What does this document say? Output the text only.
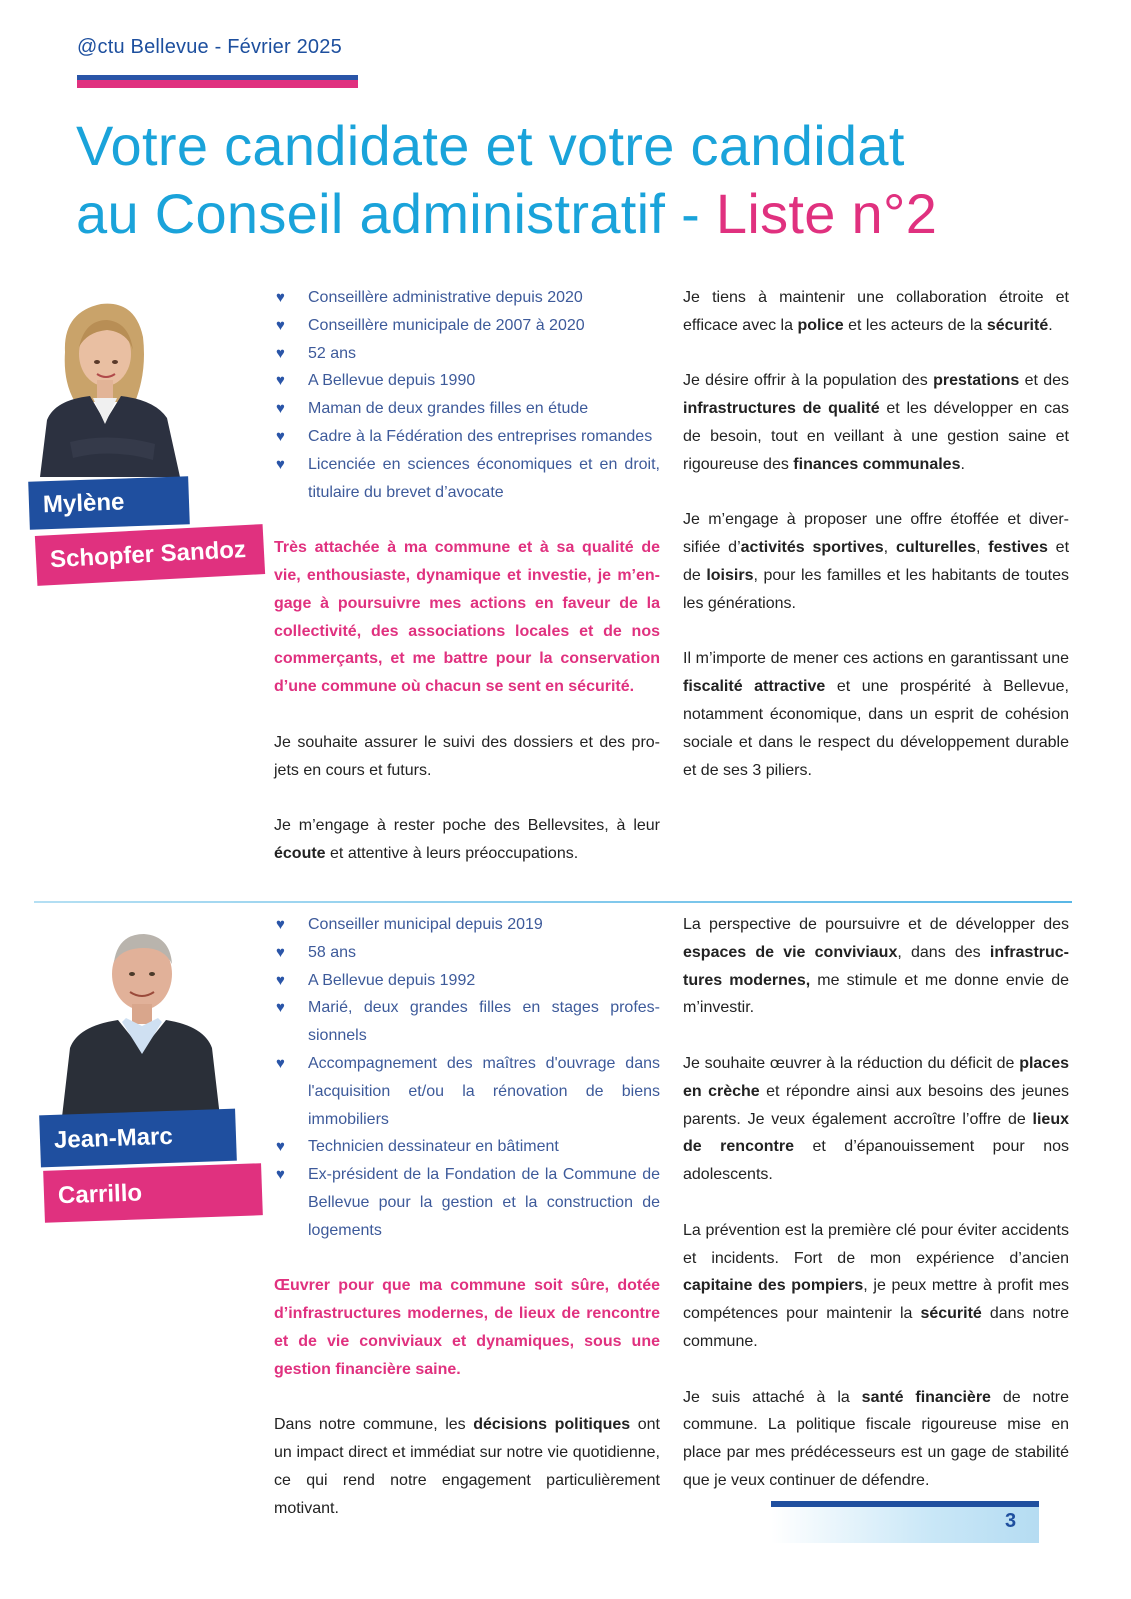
@ctu Bellevue - Février 2025
Votre candidate et votre candidat
au Conseil administratif - Liste n°2
Mylène
Schopfer Sandoz
♥ Conseillère administrative depuis 2020
♥ Conseillère municipale de 2007 à 2020
♥ 52 ans
♥ A Bellevue depuis 1990
♥ Maman de deux grandes filles en étude
♥ Cadre à la Fédération des entreprises romandes
♥ Licenciée en sciences économiques et en droit, titulaire du brevet d’avocate

Très attachée à ma commune et à sa qualité de vie, enthousiaste, dynamique et investie, je m’engage à poursuivre mes actions en faveur de la collectivité, des associations locales et de nos commerçants, et me battre pour la conservation d’une commune où chacun se sent en sécurité.

Je souhaite assurer le suivi des dossiers et des projets en cours et futurs.

Je m’engage à rester poche des Bellevsites, à leur écoute et attentive à leurs préoccupations.

Je tiens à maintenir une collaboration étroite et efficace avec la police et les acteurs de la sécurité.

Je désire offrir à la population des prestations et des infrastructures de qualité et les développer en cas de besoin, tout en veillant à une gestion saine et rigoureuse des finances communales.

Je m’engage à proposer une offre étoffée et diversifiée d’activités sportives, culturelles, festives et de loisirs, pour les familles et les habitants de toutes les générations.

Il m’importe de mener ces actions en garantissant une fiscalité attractive et une prospérité à Bellevue, notamment économique, dans un esprit de cohésion sociale et dans le respect du développement durable et de ses 3 piliers.

Jean-Marc
Carrillo
♥ Conseiller municipal depuis 2019
♥ 58 ans
♥ A Bellevue depuis 1992
♥ Marié, deux grandes filles en stages professionnels
♥ Accompagnement des maîtres d'ouvrage dans l'acquisition et/ou la rénovation de biens immobiliers
♥ Technicien dessinateur en bâtiment
♥ Ex-président de la Fondation de la Commune de Bellevue pour la gestion et la construction de logements

Œuvrer pour que ma commune soit sûre, dotée d’infrastructures modernes, de lieux de rencontre et de vie conviviaux et dynamiques, sous une gestion financière saine.

Dans notre commune, les décisions politiques ont un impact direct et immédiat sur notre vie quotidienne, ce qui rend notre engagement particulièrement motivant.

La perspective de poursuivre et de développer des espaces de vie conviviaux, dans des infrastructures modernes, me stimule et me donne envie de m’investir.

Je souhaite œuvrer à la réduction du déficit de places en crèche et répondre ainsi aux besoins des jeunes parents. Je veux également accroître l’offre de lieux de rencontre et d’épanouissement pour nos adolescents.

La prévention est la première clé pour éviter accidents et incidents. Fort de mon expérience d’ancien capitaine des pompiers, je peux mettre à profit mes compétences pour maintenir la sécurité dans notre commune.

Je suis attaché à la santé financière de notre commune. La politique fiscale rigoureuse mise en place par mes prédécesseurs est un gage de stabilité que je veux continuer de défendre.

3
